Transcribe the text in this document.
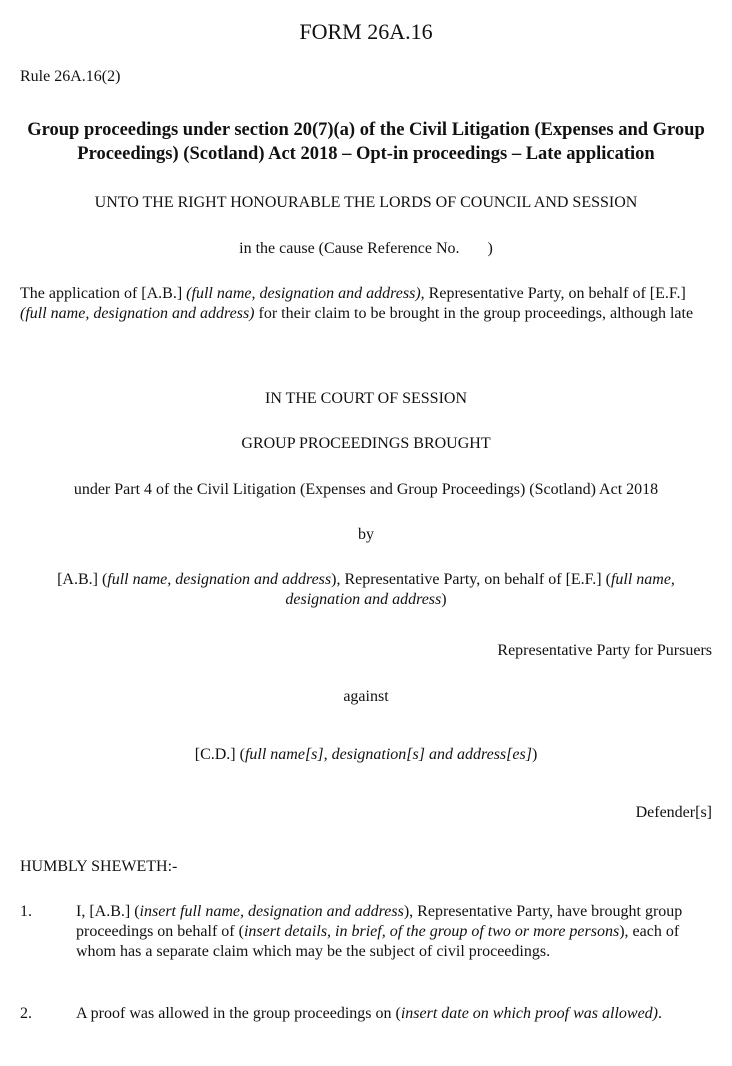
FORM 26A.16
Rule 26A.16(2)
Group proceedings under section 20(7)(a) of the Civil Litigation (Expenses and Group Proceedings) (Scotland) Act 2018 – Opt-in proceedings – Late application
UNTO THE RIGHT HONOURABLE THE LORDS OF COUNCIL AND SESSION
in the cause (Cause Reference No. )
The application of [A.B.] (full name, designation and address), Representative Party, on behalf of [E.F.] (full name, designation and address) for their claim to be brought in the group proceedings, although late
IN THE COURT OF SESSION
GROUP PROCEEDINGS BROUGHT
under Part 4 of the Civil Litigation (Expenses and Group Proceedings) (Scotland) Act 2018
by
[A.B.] (full name, designation and address), Representative Party, on behalf of [E.F.] (full name, designation and address)
Representative Party for Pursuers
against
[C.D.] (full name[s], designation[s] and address[es])
Defender[s]
HUMBLY SHEWETH:-
1.	I, [A.B.] (insert full name, designation and address), Representative Party, have brought group proceedings on behalf of (insert details, in brief, of the group of two or more persons), each of whom has a separate claim which may be the subject of civil proceedings.
2.	A proof was allowed in the group proceedings on (insert date on which proof was allowed).
